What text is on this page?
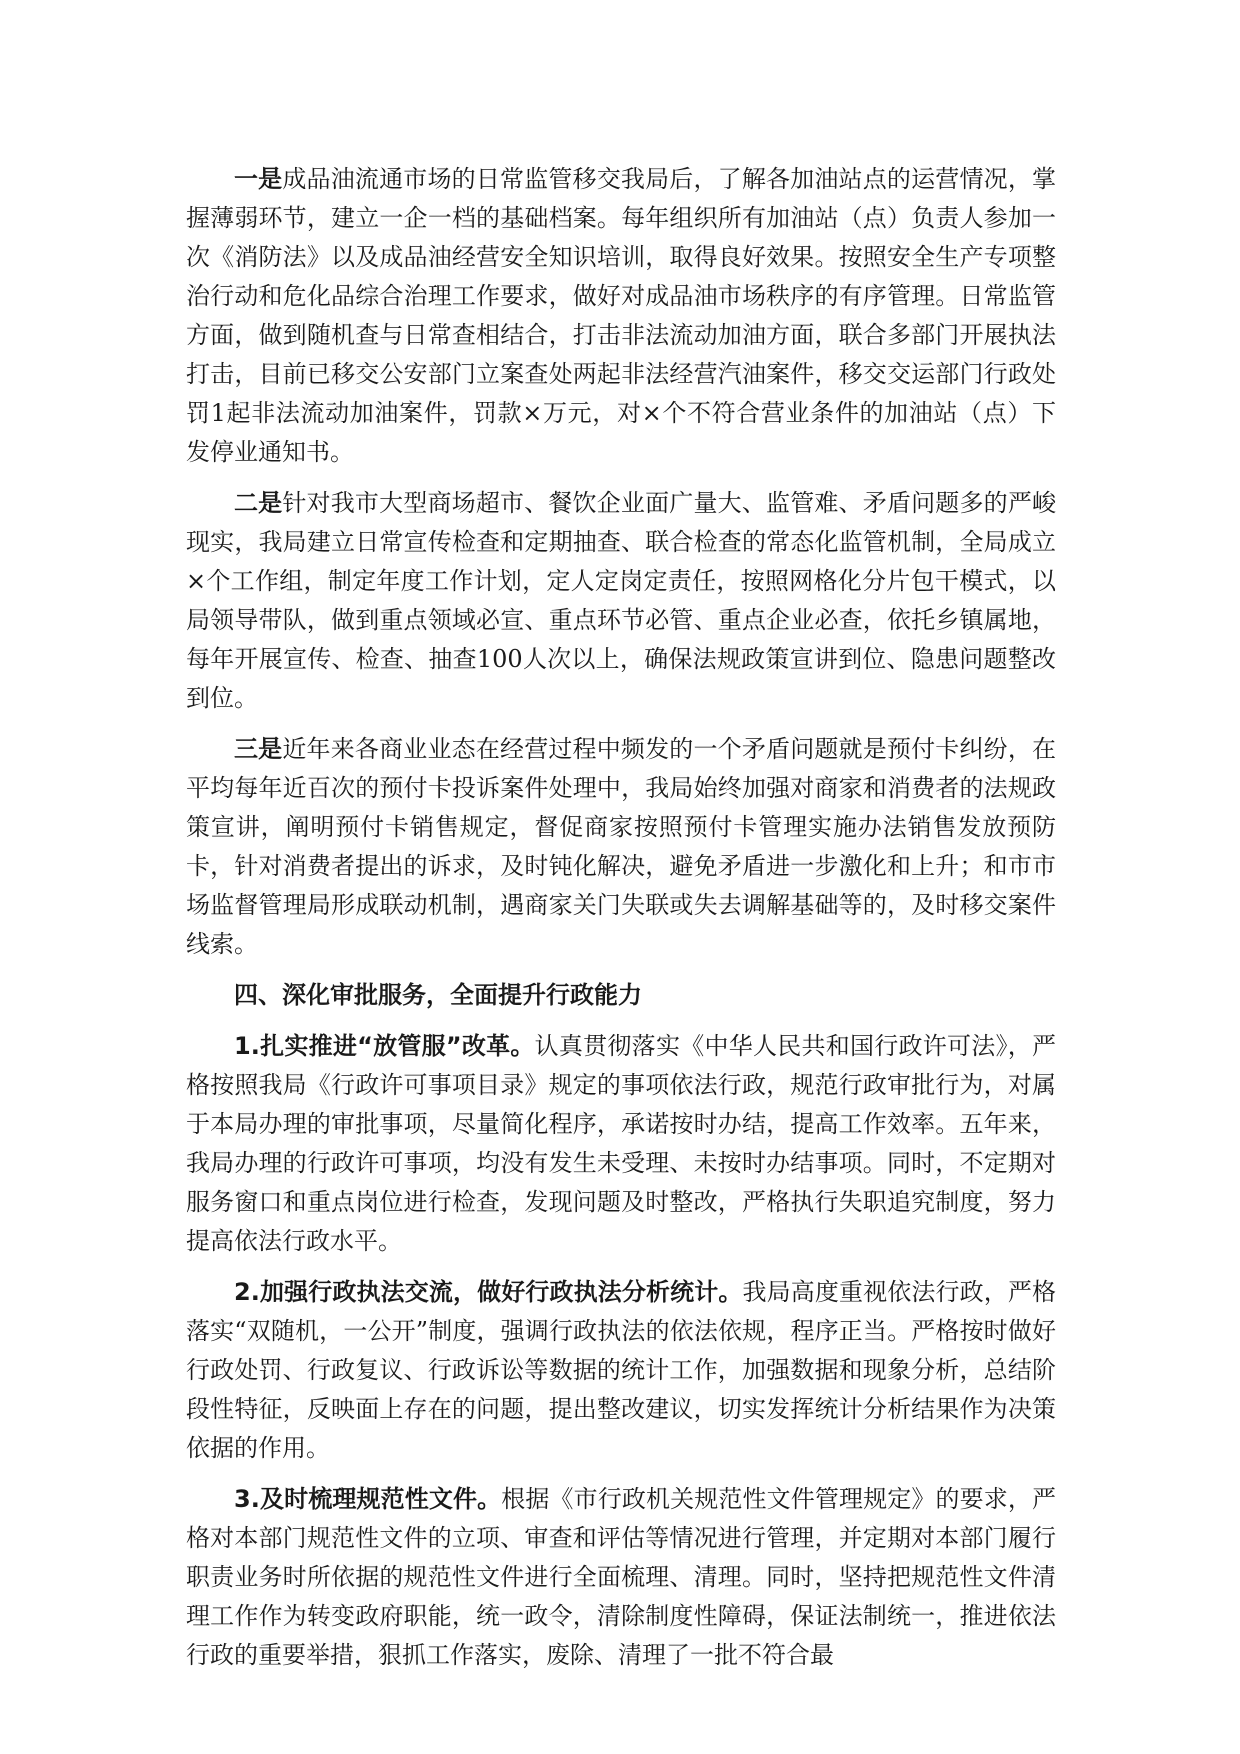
一是成品油流通市场的日常监管移交我局后，了解各加油站点的运营情况，掌握薄弱环节，建立一企一档的基础档案。每年组织所有加油站（点）负责人参加一次《消防法》以及成品油经营安全知识培训，取得良好效果。按照安全生产专项整治行动和危化品综合治理工作要求，做好对成品油市场秩序的有序管理。日常监管方面，做到随机查与日常查相结合，打击非法流动加油方面，联合多部门开展执法打击，目前已移交公安部门立案查处两起非法经营汽油案件，移交交运部门行政处罚1起非法流动加油案件，罚款×万元，对×个不符合营业条件的加油站（点）下发停业通知书。

二是针对我市大型商场超市、餐饮企业面广量大、监管难、矛盾问题多的严峻现实，我局建立日常宣传检查和定期抽查、联合检查的常态化监管机制，全局成立×个工作组，制定年度工作计划，定人定岗定责任，按照网格化分片包干模式，以局领导带队，做到重点领域必宣、重点环节必管、重点企业必查，依托乡镇属地，每年开展宣传、检查、抽查100人次以上，确保法规政策宣讲到位、隐患问题整改到位。

三是近年来各商业业态在经营过程中频发的一个矛盾问题就是预付卡纠纷，在平均每年近百次的预付卡投诉案件处理中，我局始终加强对商家和消费者的法规政策宣讲，阐明预付卡销售规定，督促商家按照预付卡管理实施办法销售发放预防卡，针对消费者提出的诉求，及时钝化解决，避免矛盾进一步激化和上升；和市市场监督管理局形成联动机制，遇商家关门失联或失去调解基础等的，及时移交案件线索。

四、深化审批服务，全面提升行政能力

1.扎实推进“放管服”改革。认真贯彻落实《中华人民共和国行政许可法》，严格按照我局《行政许可事项目录》规定的事项依法行政，规范行政审批行为，对属于本局办理的审批事项，尽量简化程序，承诺按时办结，提高工作效率。五年来，我局办理的行政许可事项，均没有发生未受理、未按时办结事项。同时，不定期对服务窗口和重点岗位进行检查，发现问题及时整改，严格执行失职追究制度，努力提高依法行政水平。

2.加强行政执法交流，做好行政执法分析统计。我局高度重视依法行政，严格落实“双随机，一公开”制度，强调行政执法的依法依规，程序正当。严格按时做好行政处罚、行政复议、行政诉讼等数据的统计工作，加强数据和现象分析，总结阶段性特征，反映面上存在的问题，提出整改建议，切实发挥统计分析结果作为决策依据的作用。

3.及时梳理规范性文件。根据《市行政机关规范性文件管理规定》的要求，严格对本部门规范性文件的立项、审查和评估等情况进行管理，并定期对本部门履行职责业务时所依据的规范性文件进行全面梳理、清理。同时，坚持把规范性文件清理工作作为转变政府职能，统一政令，清除制度性障碍，保证法制统一，推进依法行政的重要举措，狠抓工作落实，废除、清理了一批不符合最
